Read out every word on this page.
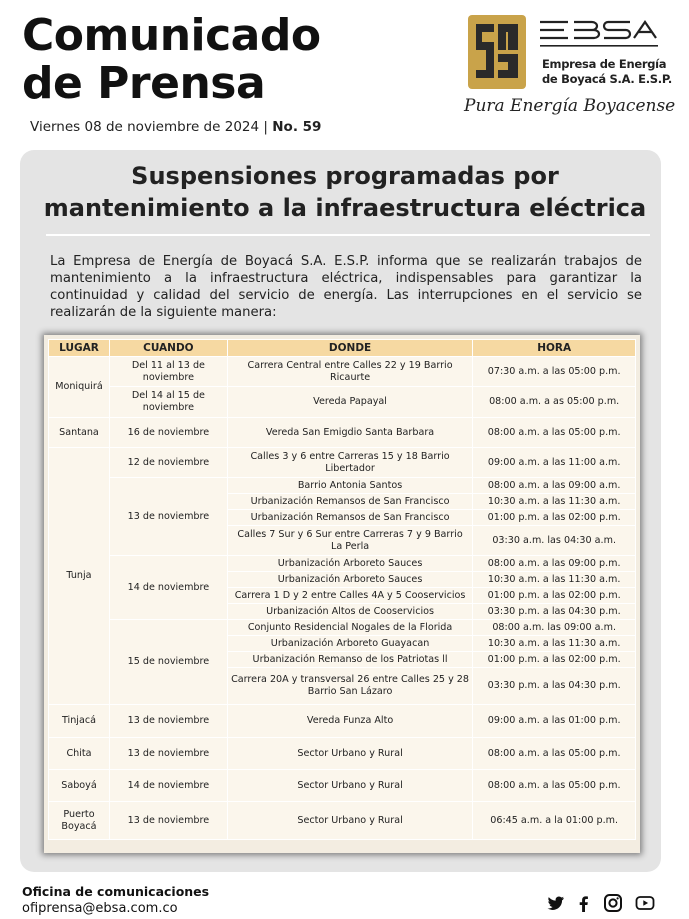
Comunicado
de Prensa
Viernes 08 de noviembre de 2024 | No. 59
Empresa de Energía
de Boyacá S.A. E.S.P.
Pura Energía Boyacense
Suspensiones programadas por
mantenimiento a la infraestructura eléctrica

La Empresa de Energía de Boyacá S.A. E.S.P. informa que se realizarán trabajos de mantenimiento a la infraestructura eléctrica, indispensables para garantizar la continuidad y calidad del servicio de energía. Las interrupciones en el servicio se realizarán de la siguiente manera:

LUGAR	CUANDO	DONDE	HORA
Moniquirá	Del 11 al 13 de noviembre	Carrera Central entre Calles 22 y 19 Barrio Ricaurte	07:30 a.m. a las 05:00 p.m.
	Del 14 al 15 de noviembre	Vereda Papayal	08:00 a.m. a as 05:00 p.m.
Santana	16 de noviembre	Vereda San Emigdio Santa Barbara	08:00 a.m. a las 05:00 p.m.
Tunja	12 de noviembre	Calles 3 y 6 entre Carreras 15 y 18 Barrio Libertador	09:00 a.m. a las 11:00 a.m.
	13 de noviembre	Barrio Antonia Santos	08:00 a.m. a las 09:00 a.m.
		Urbanización Remansos de San Francisco	10:30 a.m. a las 11:30 a.m.
		Urbanización Remansos de San Francisco	01:00 p.m. a las 02:00 p.m.
		Calles 7 Sur y 6 Sur entre Carreras 7 y 9 Barrio La Perla	03:30 a.m. las 04:30 a.m.
	14 de noviembre	Urbanización Arboreto Sauces	08:00 a.m. a las 09:00 p.m.
		Urbanización Arboreto Sauces	10:30 a.m. a las 11:30 a.m.
		Carrera 1 D y 2 entre Calles 4A y 5 Cooservicios	01:00 p.m. a las 02:00 p.m.
		Urbanización Altos de Cooservicios	03:30 p.m. a las 04:30 p.m.
	15 de noviembre	Conjunto Residencial Nogales de la Florida	08:00 a.m. las 09:00 a.m.
		Urbanización Arboreto Guayacan	10:30 a.m. a las 11:30 a.m.
		Urbanización Remanso de los Patriotas ll	01:00 p.m. a las 02:00 p.m.
		Carrera 20A y transversal 26 entre Calles 25 y 28 Barrio San Lázaro	03:30 p.m. a las 04:30 p.m.
Tinjacá	13 de noviembre	Vereda Funza Alto	09:00 a.m. a las 01:00 p.m.
Chita	13 de noviembre	Sector Urbano y Rural	08:00 a.m. a las 05:00 p.m.
Saboyá	14 de noviembre	Sector Urbano y Rural	08:00 a.m. a las 05:00 p.m.
Puerto Boyacá	13 de noviembre	Sector Urbano y Rural	06:45 a.m. a la 01:00 p.m.
Oficina de comunicaciones
ofiprensa@ebsa.com.co
